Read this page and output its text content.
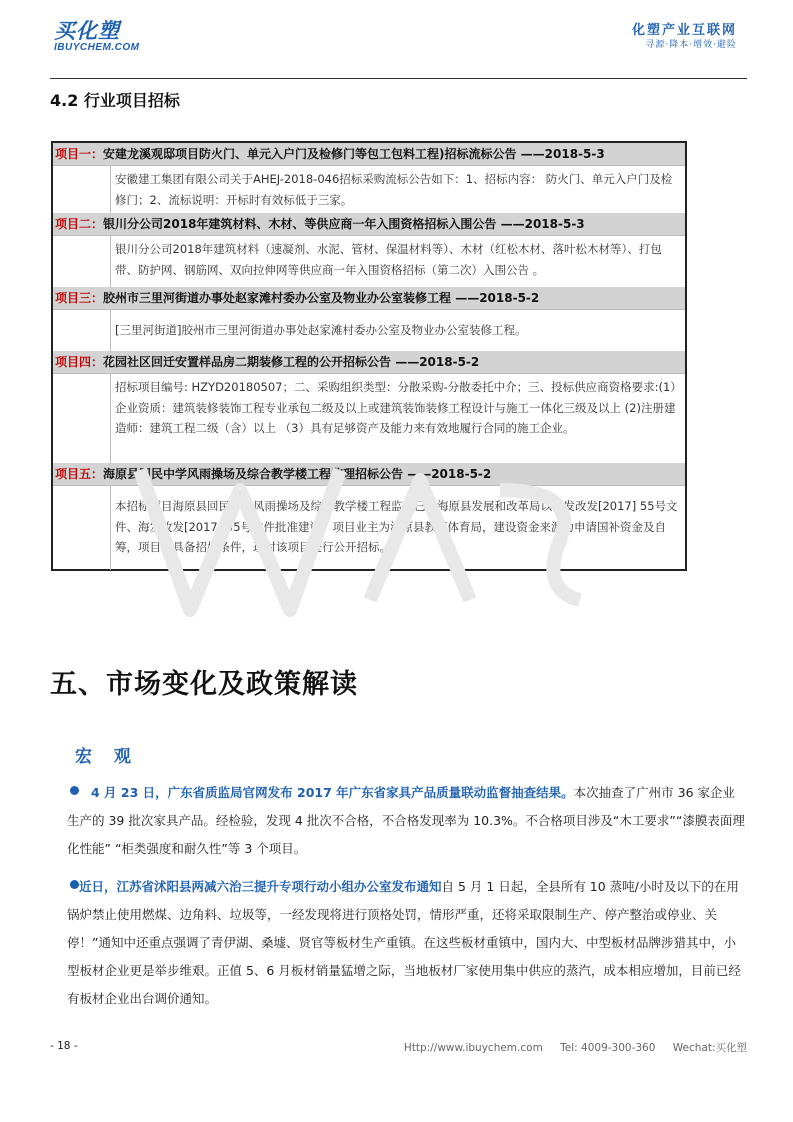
买化塑
IBUYCHEM.COM
化塑产业互联网
寻源·降本·增效·避险
4.2 行业项目招标
项目一：安建龙溪观邸项目防火门、单元入户门及检修门等包工包料工程)招标流标公告 ——2018-5-3
安徽建工集团有限公司关于AHEJ-2018-046招标采购流标公告如下：1、招标内容： 防火门、单元入户门及检修门；2、流标说明：开标时有效标低于三家。
项目二：银川分公司2018年建筑材料、木材、等供应商一年入围资格招标入围公告 ——2018-5-3
银川分公司2018年建筑材料（速凝剂、水泥、管材、保温材料等）、木材（红松木材、落叶松木材等）、打包带、防护网、钢筋网、双向拉伸网等供应商一年入围资格招标（第二次）入围公告 。
项目三：胶州市三里河街道办事处赵家滩村委办公室及物业办公室装修工程 ——2018-5-2
[三里河街道]胶州市三里河街道办事处赵家滩村委办公室及物业办公室装修工程。
项目四：花园社区回迁安置样品房二期装修工程的公开招标公告 ——2018-5-2
招标项目编号: HZYD20180507；二、采购组织类型：分散采购-分散委托中介；三、投标供应商资格要求:(1）企业资质：建筑装修装饰工程专业承包二级及以上或建筑装饰装修工程设计与施工一体化三级及以上 (2)注册建造师：建筑工程二级（含）以上 （3）具有足够资产及能力来有效地履行合同的施工企业。
项目五：海原县回民中学风雨操场及综合教学楼工程监理招标公告 ——2018-5-2
本招标项目海原县回民中学风雨操场及综合教学楼工程监理已由海原县发展和改革局以海发改发[2017] 55号文件、海发改发[2017] 55号文件批准建设，项目业主为海原县教育体育局，建设资金来源为申请国补资金及自筹，项目已具备招标条件，现对该项目进行公开招标。
五、市场变化及政策解读
宏 观
4 月 23 日，广东省质监局官网发布 2017 年广东省家具产品质量联动监督抽查结果。本次抽查了广州市 36 家企业生产的 39 批次家具产品。经检验，发现 4 批次不合格，不合格发现率为 10.3%。不合格项目涉及“木工要求”“漆膜表面理化性能” “柜类强度和耐久性”等 3 个项目。
近日，江苏省沭阳县两减六治三提升专项行动小组办公室发布通知自 5 月 1 日起，全县所有 10 蒸吨/小时及以下的在用锅炉禁止使用燃煤、边角料、垃圾等，一经发现将进行顶格处罚，情形严重，还将采取限制生产、停产整治或停业、关停！”通知中还重点强调了青伊湖、桑墟、贤官等板材生产重镇。在这些板材重镇中，国内大、中型板材品牌涉猎其中，小型板材企业更是举步维艰。正值 5、6 月板材销量猛增之际，当地板材厂家使用集中供应的蒸汽，成本相应增加，目前已经有板材企业出台调价通知。
- 18 -	Http://www.ibuychem.com Tel: 4009-300-360 Wechat:买化塑
